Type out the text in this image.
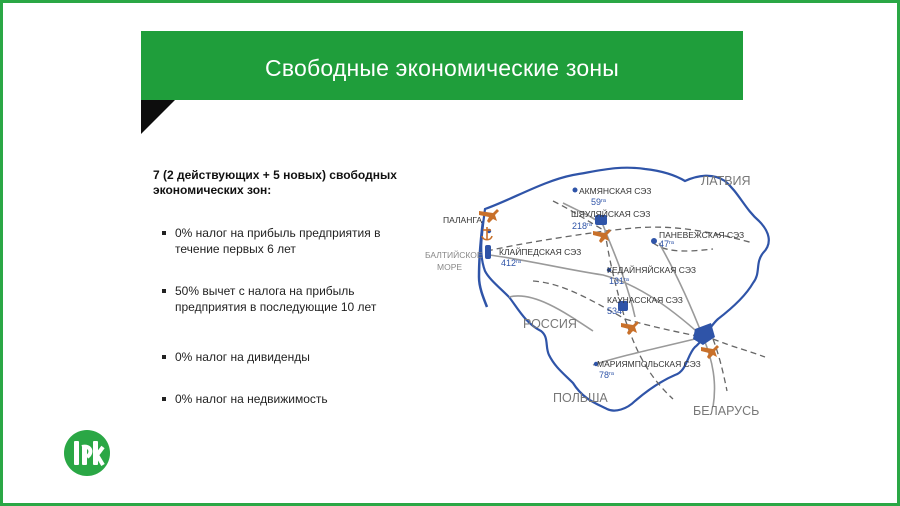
Свободные экономические зоны
7 (2 действующих + 5 новых) свободных экономических зон:
0% налог на прибыль предприятия в течение первых 6 лет
50% вычет с налога на прибыль предприятия в последующие 10 лет
0% налог на дивиденды
0% налог на недвижимость
ЛАТВИЯ
РОССИЯ
ПОЛЬША
БЕЛАРУСЬ
БАЛТИЙСКОЕ
МОРЕ
ПАЛАНГА
АКМЯНСКАЯ СЭЗ
ШЯУЛЯЙСКАЯ СЭЗ
ПАНЕВЕЖСКАЯ СЭЗ
КЛАЙПЕДСКАЯ СЭЗ
КЕДАЙНЯЙСКАЯ СЭЗ
КАУНАССКАЯ СЭЗ
МАРИЯМПОЛЬСКАЯ СЭЗ
$59^{га}$
$218^{га}$
$47^{га}$
$412^{га}$
$131^{га}$
$534^{га}$
$78^{га}$
